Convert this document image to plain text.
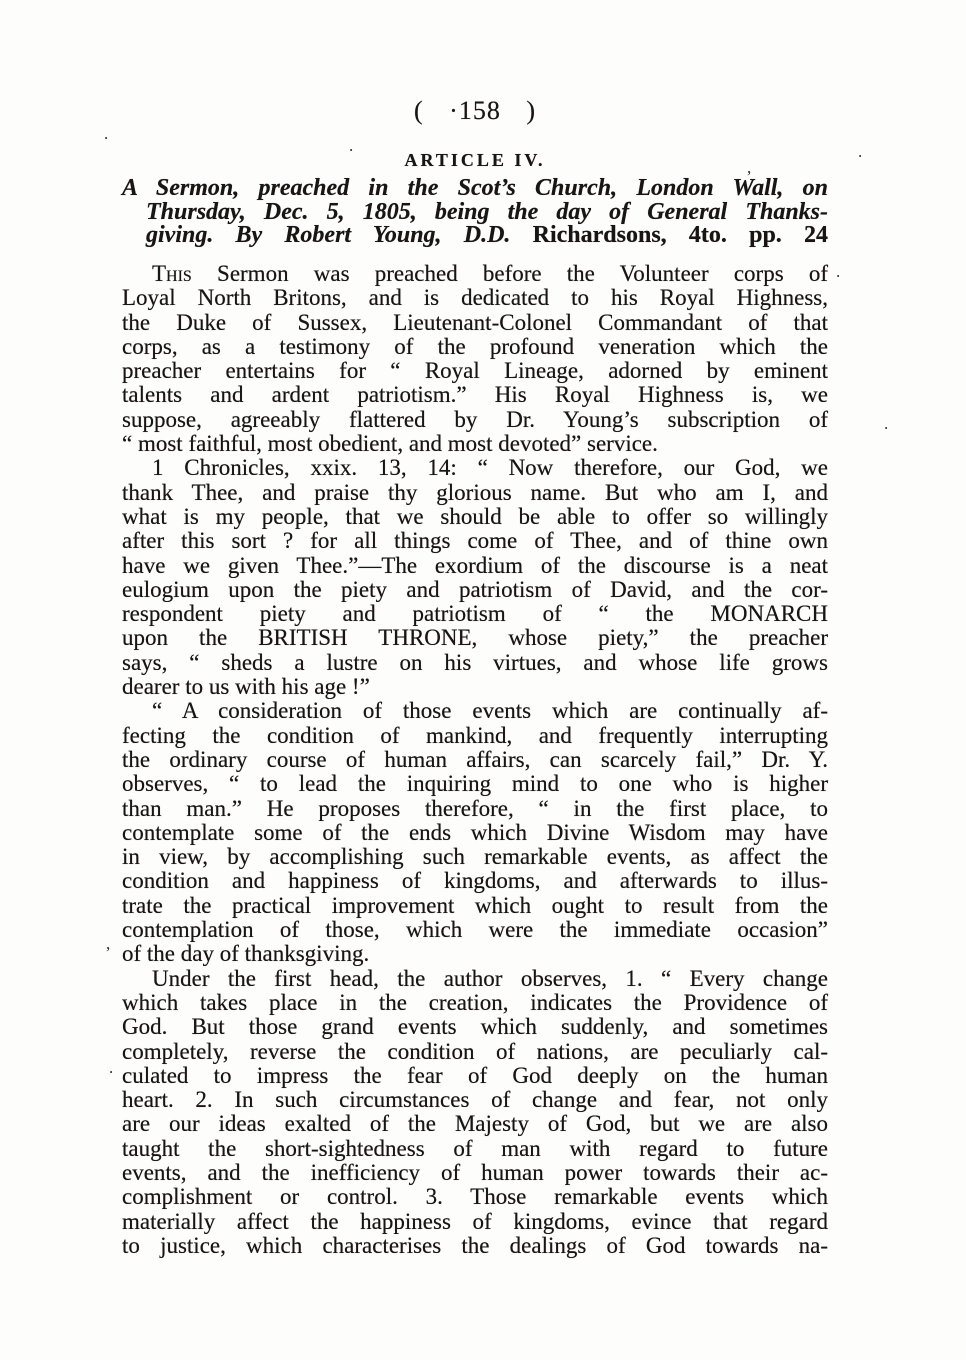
( ·158 )
ARTICLE IV.
A Sermon, preached in the Scot’s Church, London Wall, on
Thursday, Dec. 5, 1805, being the day of General Thanks-
giving. By Robert Young, D.D. Richardsons, 4to. pp. 24
This Sermon was preached before the Volunteer corps of
Loyal North Britons, and is dedicated to his Royal Highness,
the Duke of Sussex, Lieutenant-Colonel Commandant of that
corps, as a testimony of the profound veneration which the
preacher entertains for “ Royal Lineage, adorned by eminent
talents and ardent patriotism.” His Royal Highness is, we
suppose, agreeably flattered by Dr. Young’s subscription of
“ most faithful, most obedient, and most devoted” service.
1 Chronicles, xxix. 13, 14: “ Now therefore, our God, we
thank Thee, and praise thy glorious name. But who am I, and
what is my people, that we should be able to offer so willingly
after this sort ? for all things come of Thee, and of thine own
have we given Thee.”—The exordium of the discourse is a neat
eulogium upon the piety and patriotism of David, and the cor-
respondent piety and patriotism of “ the MONARCH
upon the BRITISH THRONE, whose piety,” the preacher
says, “ sheds a lustre on his virtues, and whose life grows
dearer to us with his age !”
“ A consideration of those events which are continually af-
fecting the condition of mankind, and frequently interrupting
the ordinary course of human affairs, can scarcely fail,” Dr. Y.
observes, “ to lead the inquiring mind to one who is higher
than man.” He proposes therefore, “ in the first place, to
contemplate some of the ends which Divine Wisdom may have
in view, by accomplishing such remarkable events, as affect the
condition and happiness of kingdoms, and afterwards to illus-
trate the practical improvement which ought to result from the
contemplation of those, which were the immediate occasion”
of the day of thanksgiving.
Under the first head, the author observes, 1. “ Every change
which takes place in the creation, indicates the Providence of
God. But those grand events which suddenly, and sometimes
completely, reverse the condition of nations, are peculiarly cal-
culated to impress the fear of God deeply on the human
heart. 2. In such circumstances of change and fear, not only
are our ideas exalted of the Majesty of God, but we are also
taught the short-sightedness of man with regard to future
events, and the inefficiency of human power towards their ac-
complishment or control. 3. Those remarkable events which
materially affect the happiness of kingdoms, evince that regard
to justice, which characterises the dealings of God towards na-
.
,
.
.
.
,
.
.
